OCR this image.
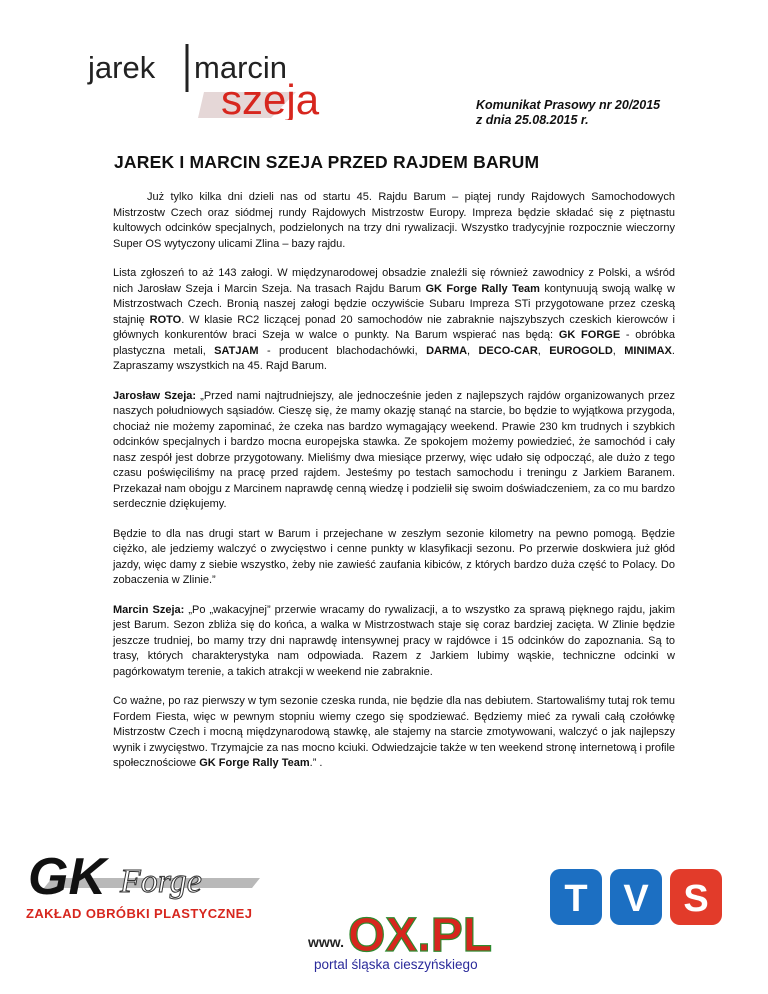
jarek marcin
szeja	Komunikat Prasowy nr 20/2015
z dnia 25.08.2015 r.
JAREK I MARCIN SZEJA PRZED RAJDEM BARUM

Już tylko kilka dni dzieli nas od startu 45. Rajdu Barum – piątej rundy Rajdowych Samochodowych Mistrzostw Czech oraz siódmej rundy Rajdowych Mistrzostw Europy. Impreza będzie składać się z piętnastu kultowych odcinków specjalnych, podzielonych na trzy dni rywalizacji. Wszystko tradycyjnie rozpocznie wieczorny Super OS wytyczony ulicami Zlina – bazy rajdu.

Lista zgłoszeń to aż 143 załogi. W międzynarodowej obsadzie znaleźli się również zawodnicy z Polski, a wśród nich Jarosław Szeja i Marcin Szeja. Na trasach Rajdu Barum GK Forge Rally Team kontynuują swoją walkę w Mistrzostwach Czech. Bronią naszej załogi będzie oczywiście Subaru Impreza STi przygotowane przez czeską stajnię ROTO. W klasie RC2 liczącej ponad 20 samochodów nie zabraknie najszybszych czeskich kierowców i głównych konkurentów braci Szeja w walce o punkty. Na Barum wspierać nas będą: GK FORGE - obróbka plastyczna metali, SATJAM - producent blachodachówki, DARMA, DECO-CAR, EUROGOLD, MINIMAX. Zapraszamy wszystkich na 45. Rajd Barum.

Jarosław Szeja: „Przed nami najtrudniejszy, ale jednocześnie jeden z najlepszych rajdów organizowanych przez naszych południowych sąsiadów. Cieszę się, że mamy okazję stanąć na starcie, bo będzie to wyjątkowa przygoda, chociaż nie możemy zapominać, że czeka nas bardzo wymagający weekend. Prawie 230 km trudnych i szybkich odcinków specjalnych i bardzo mocna europejska stawka. Ze spokojem możemy powiedzieć, że samochód i cały nasz zespół jest dobrze przygotowany. Mieliśmy dwa miesiące przerwy, więc udało się odpocząć, ale dużo z tego czasu poświęciliśmy na pracę przed rajdem. Jesteśmy po testach samochodu i treningu z Jarkiem Baranem. Przekazał nam obojgu z Marcinem naprawdę cenną wiedzę i podzielił się swoim doświadczeniem, za co mu bardzo serdecznie dziękujemy.

Będzie to dla nas drugi start w Barum i przejechane w zeszłym sezonie kilometry na pewno pomogą. Będzie ciężko, ale jedziemy walczyć o zwycięstwo i cenne punkty w klasyfikacji sezonu. Po przerwie doskwiera już głód jazdy, więc damy z siebie wszystko, żeby nie zawieść zaufania kibiców, z których bardzo duża część to Polacy. Do zobaczenia w Zlinie.”

Marcin Szeja: „Po „wakacyjnej” przerwie wracamy do rywalizacji, a to wszystko za sprawą pięknego rajdu, jakim jest Barum. Sezon zbliża się do końca, a walka w Mistrzostwach staje się coraz bardziej zacięta. W Zlinie będzie jeszcze trudniej, bo mamy trzy dni naprawdę intensywnej pracy w rajdówce i 15 odcinków do zapoznania. Są to trasy, których charakterystyka nam odpowiada. Razem z Jarkiem lubimy wąskie, techniczne odcinki w pagórkowatym terenie, a takich atrakcji w weekend nie zabraknie.

Co ważne, po raz pierwszy w tym sezonie czeska runda, nie będzie dla nas debiutem. Startowaliśmy tutaj rok temu Fordem Fiesta, więc w pewnym stopniu wiemy czego się spodziewać. Będziemy mieć za rywali całą czołówkę Mistrzostw Czech i mocną międzynarodową stawkę, ale stajemy na starcie zmotywowani, walczyć o jak najlepszy wynik i zwycięstwo. Trzymajcie za nas mocno kciuki. Odwiedzajcie także w ten weekend stronę internetową i profile społecznościowe GK Forge Rally Team.” .

GK Forge
ZAKŁAD OBRÓBKI PLASTYCZNEJ
www. OX.PL
portal śląska cieszyńskiego
T V S
